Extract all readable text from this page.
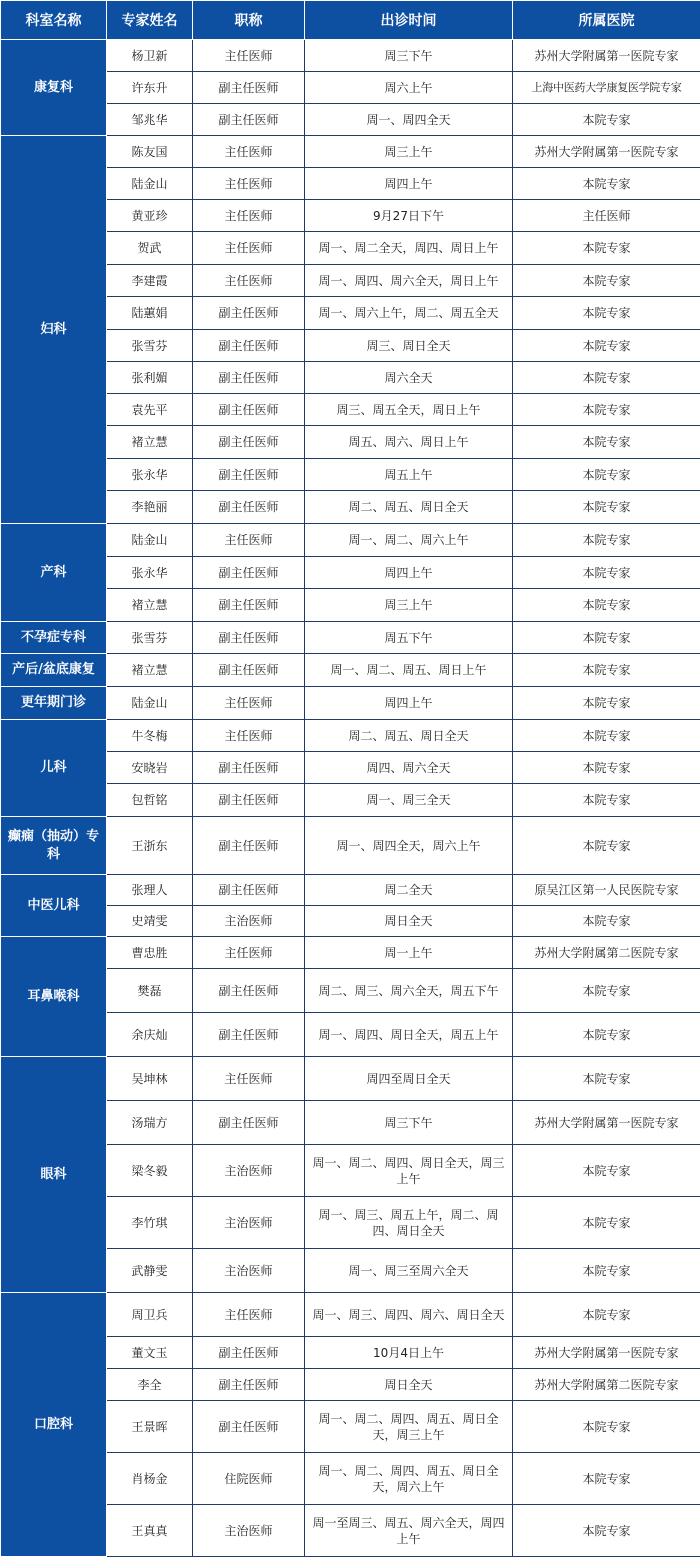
科室名称	专家姓名	职称	出诊时间	所属医院
康复科	杨卫新	主任医师	周三下午	苏州大学附属第一医院专家
	许东升	副主任医师	周六上午	上海中医药大学康复医学院专家
	邹兆华	副主任医师	周一、周四全天	本院专家
妇科	陈友国	主任医师	周三上午	苏州大学附属第一医院专家
	陆金山	主任医师	周四上午	本院专家
	黄亚珍	主任医师	9月27日下午	主任医师
	贺武	主任医师	周一、周二全天，周四、周日上午	本院专家
	李建霞	主任医师	周一、周四、周六全天，周日上午	本院专家
	陆蕙娟	副主任医师	周一、周六上午，周二、周五全天	本院专家
	张雪芬	副主任医师	周三、周日全天	本院专家
	张利媚	副主任医师	周六全天	本院专家
	袁先平	副主任医师	周三、周五全天，周日上午	本院专家
	褚立慧	副主任医师	周五、周六、周日上午	本院专家
	张永华	副主任医师	周五上午	本院专家
	李艳丽	副主任医师	周二、周五、周日全天	本院专家
产科	陆金山	主任医师	周一、周二、周六上午	本院专家
	张永华	副主任医师	周四上午	本院专家
	褚立慧	副主任医师	周三上午	本院专家
不孕症专科	张雪芬	副主任医师	周五下午	本院专家
产后/盆底康复	褚立慧	副主任医师	周一、周二、周五、周日上午	本院专家
更年期门诊	陆金山	主任医师	周四上午	本院专家
儿科	牛冬梅	主任医师	周二、周五、周日全天	本院专家
	安晓岩	副主任医师	周四、周六全天	本院专家
	包哲铭	副主任医师	周一、周三全天	本院专家
癫痫（抽动）专科	王浙东	副主任医师	周一、周四全天，周六上午	本院专家
中医儿科	张理人	副主任医师	周二全天	原吴江区第一人民医院专家
	史靖雯	主治医师	周日全天	本院专家
耳鼻喉科	曹忠胜	主任医师	周一上午	苏州大学附属第二医院专家
	樊磊	副主任医师	周二、周三、周六全天，周五下午	本院专家
	余庆灿	副主任医师	周一、周四、周日全天，周五上午	本院专家
眼科	吴坤林	主任医师	周四至周日全天	本院专家
	汤瑞方	副主任医师	周三下午	苏州大学附属第一医院专家
	梁冬毅	主治医师	周一、周二、周四、周日全天，周三上午	本院专家
	李竹琪	主治医师	周一、周三、周五上午，周二、周四、周日全天	本院专家
	武静雯	主治医师	周一、周三至周六全天	本院专家
口腔科	周卫兵	主任医师	周一、周三、周四、周六、周日全天	本院专家
	董文玉	副主任医师	10月4日上午	苏州大学附属第一医院专家
	李全	副主任医师	周日全天	苏州大学附属第二医院专家
	王景晖	副主任医师	周一、周二、周四、周五、周日全天，周三上午	本院专家
	肖杨金	住院医师	周一、周二、周四、周五、周日全天，周六上午	本院专家
	王真真	主治医师	周一至周三、周五、周六全天，周四上午	本院专家
